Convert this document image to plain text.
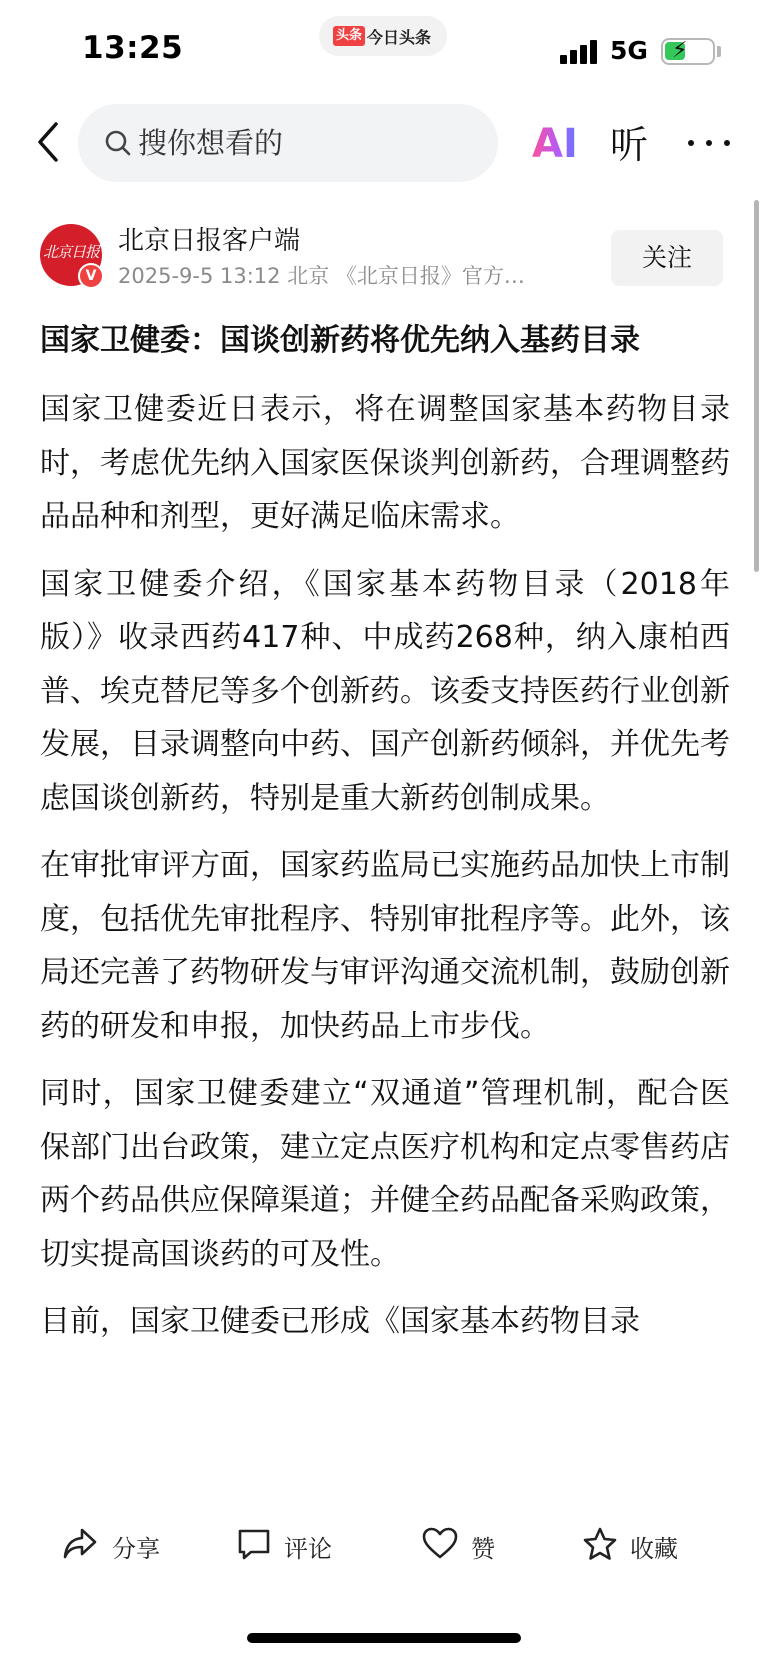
13:25	头条 今日头条	5G ⚡
搜你想看的
AI 听
北京日报
V
北京日报客户端
2025-9-5 13:12 北京 《北京日报》官方…
关注
国家卫健委：国谈创新药将优先纳入基药目录

国家卫健委近日表示，将在调整国家基本药物目录时，考虑优先纳入国家医保谈判创新药，合理调整药品品种和剂型，更好满足临床需求。

国家卫健委介绍，《国家基本药物目录（2018年版）》收录西药417种、中成药268种，纳入康柏西普、埃克替尼等多个创新药。该委支持医药行业创新发展，目录调整向中药、国产创新药倾斜，并优先考虑国谈创新药，特别是重大新药创制成果。

在审批审评方面，国家药监局已实施药品加快上市制度，包括优先审批程序、特别审批程序等。此外，该局还完善了药物研发与审评沟通交流机制，鼓励创新药的研发和申报，加快药品上市步伐。

同时，国家卫健委建立“双通道”管理机制，配合医保部门出台政策，建立定点医疗机构和定点零售药店两个药品供应保障渠道；并健全药品配备采购政策，切实提高国谈药的可及性。

目前，国家卫健委已形成《国家基本药物目录

分享	评论	赞	收藏
